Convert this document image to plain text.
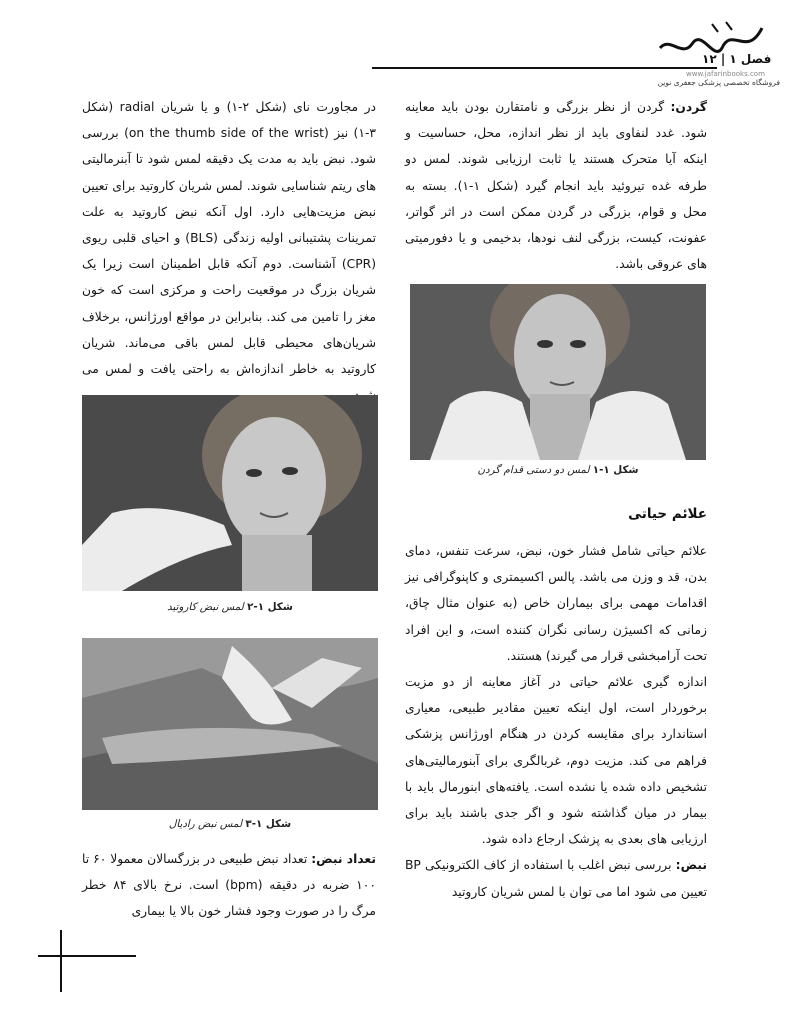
فصل ۱ | ۱۲
www.jafarinbooks.com
فروشگاه تخصصی پزشکی جعفری نوین

گردن: گردن از نظر بزرگی و نامتقارن بودن باید معاینه شود. غدد لنفاوی باید از نظر اندازه، محل، حساسیت و اینکه آیا متحرک هستند یا ثابت ارزیابی شوند. لمس دو طرفه غده تیروئید باید انجام گیرد (شکل ۱-۱). بسته به محل و قوام، بزرگی در گردن ممکن است در اثر گواتر، عفونت، کیست، بزرگی لنف نودها، بدخیمی و یا دفورمیتی های عروقی باشد.

شکل ۱-۱ لمس دو دستی قدام گردن
علائم حیاتی
علائم حیاتی شامل فشار خون، نبض، سرعت تنفس، دمای بدن، قد و وزن می باشد. پالس اکسیمتری و کاپنوگرافی نیز اقدامات مهمی برای بیماران خاص (به عنوان مثال چاق، زمانی که اکسیژن رسانی نگران کننده است، و این افراد تحت آرامبخشی قرار می گیرند) هستند.
اندازه گیری علائم حیاتی در آغاز معاینه از دو مزیت برخوردار است، اول اینکه تعیین مقادیر طبیعی، معیاری استاندارد برای مقایسه کردن در هنگام اورژانس پزشکی فراهم می کند. مزیت دوم، غربالگری برای آبنورمالیتی‌های تشخیص داده شده یا نشده است. یافته‌های ابنورمال باید با بیمار در میان گذاشته شود و اگر جدی باشند باید برای ارزیابی های بعدی به پزشک ارجاع داده شود.
نبض: بررسی نبض اغلب با استفاده از کاف الکترونیکی BP تعیین می شود اما می توان با لمس شریان کاروتید

در مجاورت نای (شکل ۲-۱) و یا شریان radial (شکل ۳-۱) نیز (on the thumb side of the wrist) بررسی شود. نبض باید به مدت یک دقیقه لمس شود تا آبنرمالیتی های ریتم شناسایی شوند. لمس شریان کاروتید برای تعیین نبض مزیت‌هایی دارد. اول آنکه نبض کاروتید به علت تمرینات پشتیبانی اولیه زندگی (BLS) و احیای قلبی ریوی (CPR) آشناست. دوم آنکه قابل اطمینان است زیرا یک شریان بزرگ در موقعیت راحت و مرکزی است که خون مغز را تامین می کند. بنابراین در مواقع اورژانس، برخلاف شریان‌های محیطی قابل لمس باقی می‌ماند. شریان کاروتید به خاطر اندازه‌اش به راحتی یافت و لمس می

شکل ۱-۲ لمس نبض کاروتید
شکل ۱-۳ لمس نبض رادیال

تعداد نبض: تعداد نبض طبیعی در بزرگسالان معمولا ۶۰ تا ۱۰۰ ضربه در دقیقه (bpm) است. نرخ بالای ۸۴ خطر مرگ را در صورت وجود فشار خون بالا یا بیماری
